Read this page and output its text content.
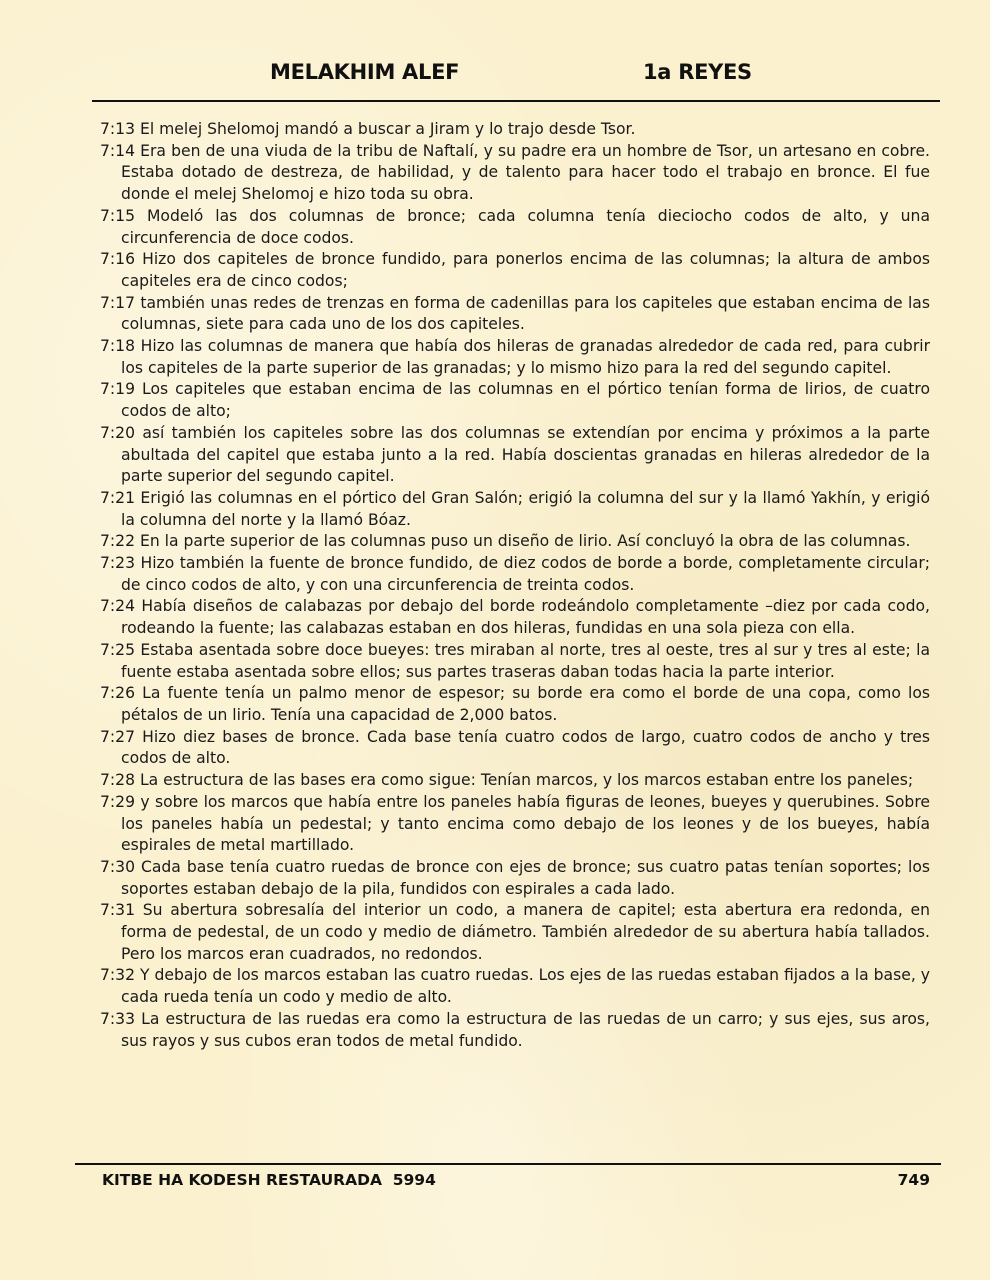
MELAKHIM ALEF	1a REYES

7:13 El melej Shelomoj mandó a buscar a Jiram y lo trajo desde Tsor.

7:14 Era ben de una viuda de la tribu de Naftalí, y su padre era un hombre de Tsor, un artesano en cobre. Estaba dotado de destreza, de habilidad, y de talento para hacer todo el trabajo en bronce. El fue donde el melej Shelomoj e hizo toda su obra.

7:15 Modeló las dos columnas de bronce; cada columna tenía dieciocho codos de alto, y una circunferencia de doce codos.

7:16 Hizo dos capiteles de bronce fundido, para ponerlos encima de las columnas; la altura de ambos capiteles era de cinco codos;

7:17 también unas redes de trenzas en forma de cadenillas para los capiteles que estaban encima de las columnas, siete para cada uno de los dos capiteles.

7:18 Hizo las columnas de manera que había dos hileras de granadas alrededor de cada red, para cubrir los capiteles de la parte superior de las granadas; y lo mismo hizo para la red del segundo capitel.

7:19 Los capiteles que estaban encima de las columnas en el pórtico tenían forma de lirios, de cuatro codos de alto;

7:20 así también los capiteles sobre las dos columnas se extendían por encima y próximos a la parte abultada del capitel que estaba junto a la red. Había doscientas granadas en hileras alrededor de la parte superior del segundo capitel.

7:21 Erigió las columnas en el pórtico del Gran Salón; erigió la columna del sur y la llamó Yakhín, y erigió la columna del norte y la llamó Bóaz.

7:22 En la parte superior de las columnas puso un diseño de lirio. Así concluyó la obra de las columnas.

7:23 Hizo también la fuente de bronce fundido, de diez codos de borde a borde, completamente circular; de cinco codos de alto, y con una circunferencia de treinta codos.

7:24 Había diseños de calabazas por debajo del borde rodeándolo completamente –diez por cada codo, rodeando la fuente; las calabazas estaban en dos hileras, fundidas en una sola pieza con ella.

7:25 Estaba asentada sobre doce bueyes: tres miraban al norte, tres al oeste, tres al sur y tres al este; la fuente estaba asentada sobre ellos; sus partes traseras daban todas hacia la parte interior.

7:26 La fuente tenía un palmo menor de espesor; su borde era como el borde de una copa, como los pétalos de un lirio. Tenía una capacidad de 2,000 batos.

7:27 Hizo diez bases de bronce. Cada base tenía cuatro codos de largo, cuatro codos de ancho y tres codos de alto.

7:28 La estructura de las bases era como sigue: Tenían marcos, y los marcos estaban entre los paneles;

7:29 y sobre los marcos que había entre los paneles había figuras de leones, bueyes y querubines. Sobre los paneles había un pedestal; y tanto encima como debajo de los leones y de los bueyes, había espirales de metal martillado.

7:30 Cada base tenía cuatro ruedas de bronce con ejes de bronce; sus cuatro patas tenían soportes; los soportes estaban debajo de la pila, fundidos con espirales a cada lado.

7:31 Su abertura sobresalía del interior un codo, a manera de capitel; esta abertura era redonda, en forma de pedestal, de un codo y medio de diámetro. También alrededor de su abertura había tallados. Pero los marcos eran cuadrados, no redondos.

7:32 Y debajo de los marcos estaban las cuatro ruedas. Los ejes de las ruedas estaban fijados a la base, y cada rueda tenía un codo y medio de alto.

7:33 La estructura de las ruedas era como la estructura de las ruedas de un carro; y sus ejes, sus aros, sus rayos y sus cubos eran todos de metal fundido.

KITBE HA KODESH RESTAURADA  5994	749
